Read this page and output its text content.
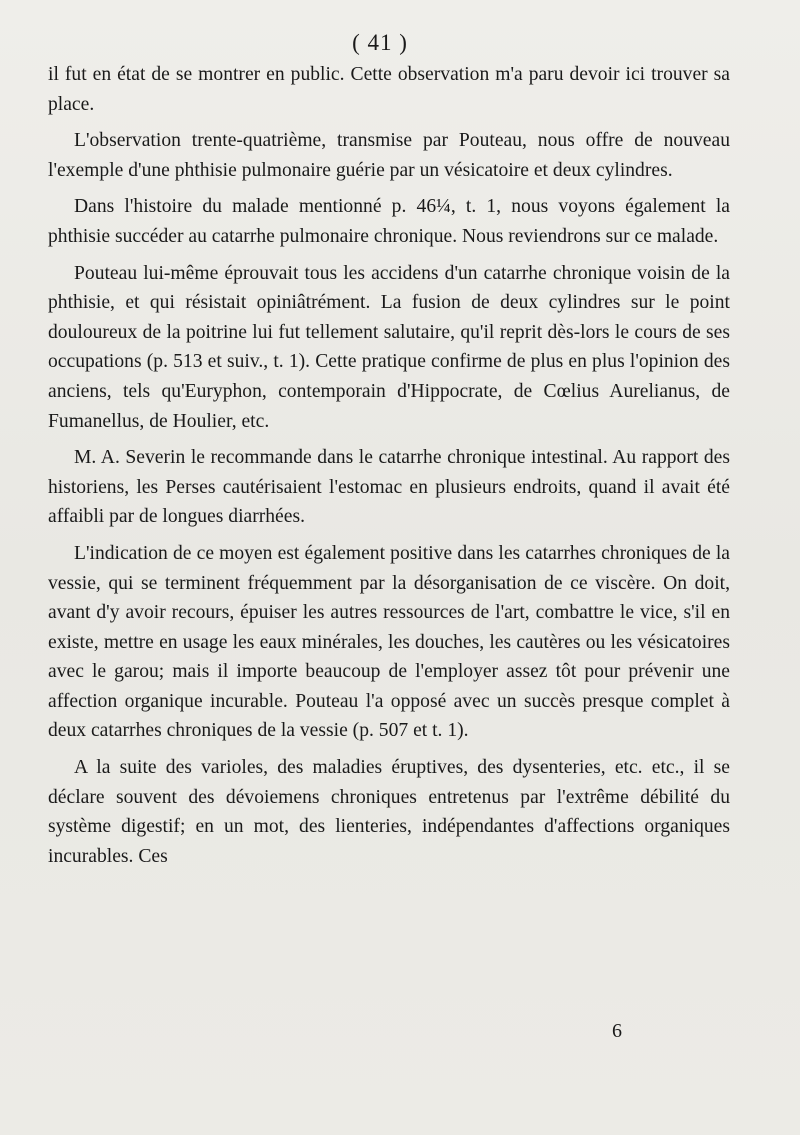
( 41 )

il fut en état de se montrer en public. Cette observation m'a paru devoir ici trouver sa place.

L'observation trente-quatrième, transmise par Pouteau, nous offre de nouveau l'exemple d'une phthisie pulmonaire guérie par un vésicatoire et deux cylindres.

Dans l'histoire du malade mentionné p. 46¼, t. 1, nous voyons également la phthisie succéder au catarrhe pulmonaire chronique. Nous reviendrons sur ce malade.

Pouteau lui-même éprouvait tous les accidens d'un catarrhe chronique voisin de la phthisie, et qui résistait opiniâtrément. La fusion de deux cylindres sur le point douloureux de la poitrine lui fut tellement salutaire, qu'il reprit dès-lors le cours de ses occupations (p. 513 et suiv., t. 1). Cette pratique confirme de plus en plus l'opinion des anciens, tels qu'Euryphon, contemporain d'Hippocrate, de Cœlius Aurelianus, de Fumanellus, de Houlier, etc.

M. A. Severin le recommande dans le catarrhe chronique intestinal. Au rapport des historiens, les Perses cautérisaient l'estomac en plusieurs endroits, quand il avait été affaibli par de longues diarrhées.

L'indication de ce moyen est également positive dans les catarrhes chroniques de la vessie, qui se terminent fréquemment par la désorganisation de ce viscère. On doit, avant d'y avoir recours, épuiser les autres ressources de l'art, combattre le vice, s'il en existe, mettre en usage les eaux minérales, les douches, les cautères ou les vésicatoires avec le garou; mais il importe beaucoup de l'employer assez tôt pour prévenir une affection organique incurable. Pouteau l'a opposé avec un succès presque complet à deux catarrhes chroniques de la vessie (p. 507 et t. 1).

A la suite des varioles, des maladies éruptives, des dysenteries, etc. etc., il se déclare souvent des dévoiemens chroniques entretenus par l'extrême débilité du système digestif; en un mot, des lienteries, indépendantes d'affections organiques incurables. Ces

6
